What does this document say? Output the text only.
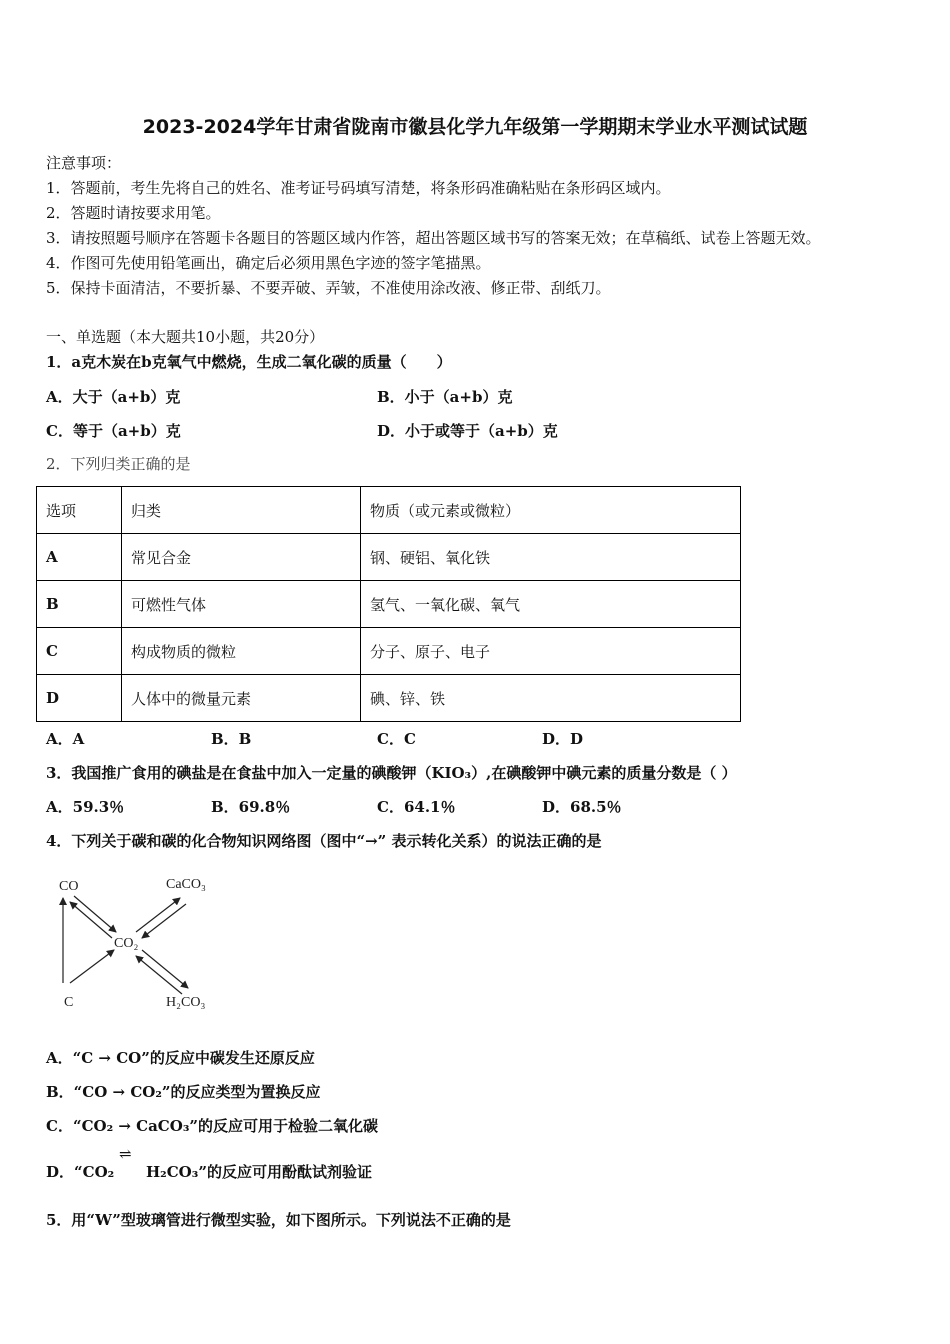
2023-2024学年甘肃省陇南市徽县化学九年级第一学期期末学业水平测试试题
注意事项：
1．答题前，考生先将自己的姓名、准考证号码填写清楚，将条形码准确粘贴在条形码区域内。
2．答题时请按要求用笔。
3．请按照题号顺序在答题卡各题目的答题区域内作答，超出答题区域书写的答案无效；在草稿纸、试卷上答题无效。
4．作图可先使用铅笔画出，确定后必须用黑色字迹的签字笔描黑。
5．保持卡面清洁，不要折暴、不要弄破、弄皱，不准使用涂改液、修正带、刮纸刀。
一、单选题（本大题共10小题，共20分）
1．a克木炭在b克氧气中燃烧，生成二氧化碳的质量（　　）
A．大于（a+b）克	B．小于（a+b）克
C．等于（a+b）克	D．小于或等于（a+b）克
2．下列归类正确的是
选项	归类	物质（或元素或微粒）
A	常见合金	钢、硬铝、氧化铁
B	可燃性气体	氢气、一氧化碳、氧气
C	构成物质的微粒	分子、原子、电子
D	人体中的微量元素	碘、锌、铁
A．A	B．B	C．C	D．D
3．我国推广食用的碘盐是在食盐中加入一定量的碘酸钾（KIO₃）,在碘酸钾中碘元素的质量分数是（ ）
A．59.3％	B．69.8％	C．64.1％	D．68.5％
4．下列关于碳和碳的化合物知识网络图（图中“→” 表示转化关系）的说法正确的是
CO	CaCO₃
CO₂
C	H₂CO₃
A．“C → CO”的反应中碳发生还原反应
B．“CO → CO₂”的反应类型为置换反应
C．“CO₂ → CaCO₃”的反应可用于检验二氧化碳
D．“CO₂
⇌
H₂CO₃”的反应可用酚酞试剂验证
5．用“W”型玻璃管进行微型实验，如下图所示。下列说法不正确的是
